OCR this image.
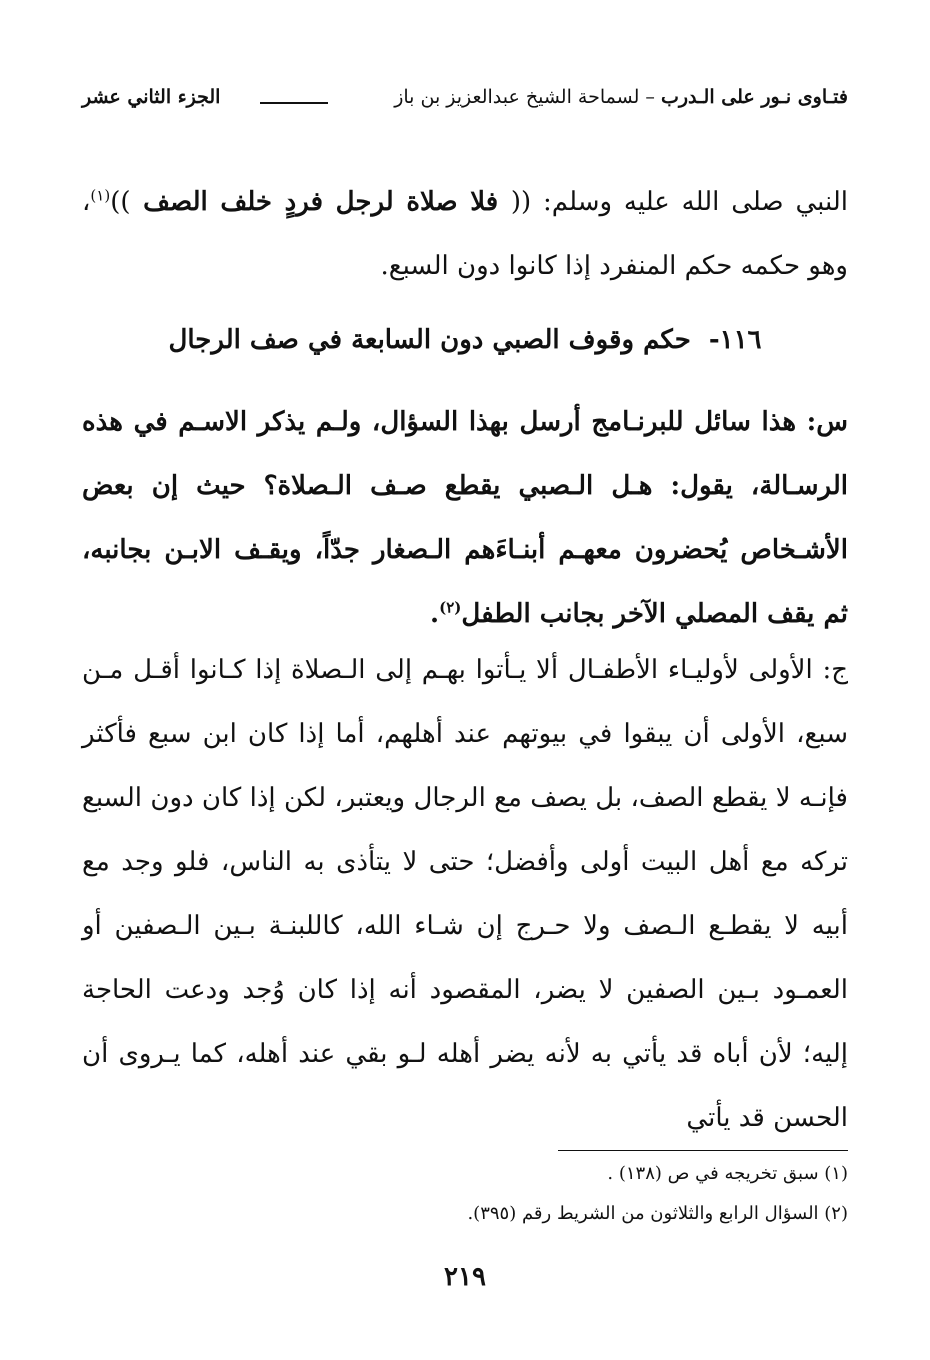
فتـاوى نـور على الـدرب – لسماحة الشيخ عبدالعزيز بن باز
الجزء الثاني عشر
النبي صلى الله عليه وسلم: (( فلا صلاة لرجل فردٍ خلف الصف ))$^{(١)}$، وهو حكمه حكم المنفرد إذا كانوا دون السبع.
١١٦-حكم وقوف الصبي دون السابعة في صف الرجال
س: هذا سائل للبرنـامج أرسل بهذا السؤال، ولـم يذكر الاسـم في هذه الرسـالة، يقول: هـل الـصبي يقطع صـف الـصلاة؟ حيث إن بعض الأشـخاص يُحضرون معهـم أبنـاءَهم الـصغار جدّاً، ويقـف الابـن بجانبه، ثم يقف المصلي الآخر بجانب الطفل$^{(٢)}$.
ج: الأولى لأوليـاء الأطفـال ألا يـأتوا بهـم إلى الـصلاة إذا كـانوا أقـل مـن سبع، الأولى أن يبقوا في بيوتهم عند أهلهم، أما إذا كان ابن سبع فأكثر فإنـه لا يقطع الصف، بل يصف مع الرجال ويعتبر، لكن إذا كان دون السبع تركه مع أهل البيت أولى وأفضل؛ حتى لا يتأذى به الناس، فلو وجد مع أبيه لا يقطـع الـصف ولا حـرج إن شـاء الله، كاللبنـة بـين الـصفين أو العمـود بـين الصفين لا يضر، المقصود أنه إذا كان وُجد ودعت الحاجة إليه؛ لأن أباه قد يأتي به لأنه يضر أهله لـو بقي عند أهله، كما يـروى أن الحسن قد يأتي
(١) سبق تخريجه في ص (١٣٨) .
(٢) السؤال الرابع والثلاثون من الشريط رقم (٣٩٥).
٢١٩
